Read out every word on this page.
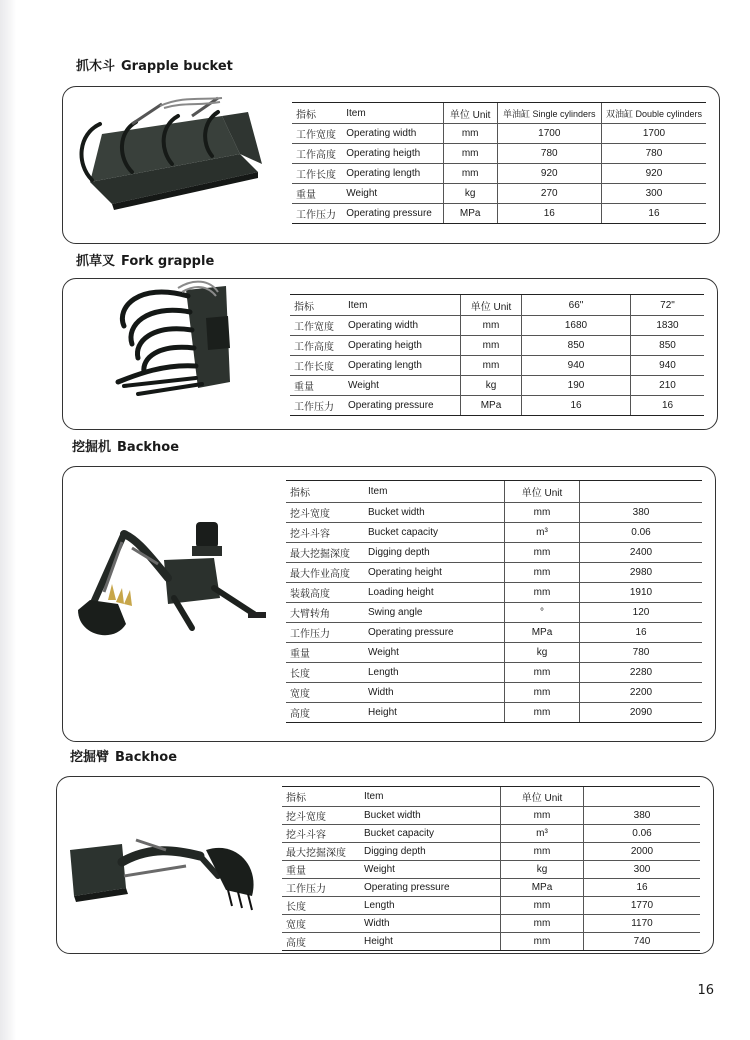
抓木斗 Grapple bucket
指标	Item	单位 Unit	单油缸 Single cylinders	双油缸 Double cylinders
工作宽度	Operating width	mm	1700	1700
工作高度	Operating heigth	mm	780	780
工作长度	Operating length	mm	920	920
重量	Weight	kg	270	300
工作压力	Operating pressure	MPa	16	16
抓草叉 Fork grapple
指标	Item	单位 Unit	66"	72"
工作宽度	Operating width	mm	1680	1830
工作高度	Operating heigth	mm	850	850
工作长度	Operating length	mm	940	940
重量	Weight	kg	190	210
工作压力	Operating pressure	MPa	16	16
挖掘机 Backhoe
指标	Item	单位 Unit	
挖斗宽度	Bucket width	mm	380
挖斗斗容	Bucket capacity	m³	0.06
最大挖掘深度	Digging depth	mm	2400
最大作业高度	Operating height	mm	2980
装载高度	Loading height	mm	1910
大臂转角	Swing angle	°	120
工作压力	Operating pressure	MPa	16
重量	Weight	kg	780
长度	Length	mm	2280
宽度	Width	mm	2200
高度	Height	mm	2090
挖掘臂 Backhoe
指标	Item	单位 Unit	
挖斗宽度	Bucket width	mm	380
挖斗斗容	Bucket capacity	m³	0.06
最大挖掘深度	Digging depth	mm	2000
重量	Weight	kg	300
工作压力	Operating pressure	MPa	16
长度	Length	mm	1770
宽度	Width	mm	1170
高度	Height	mm	740
16
